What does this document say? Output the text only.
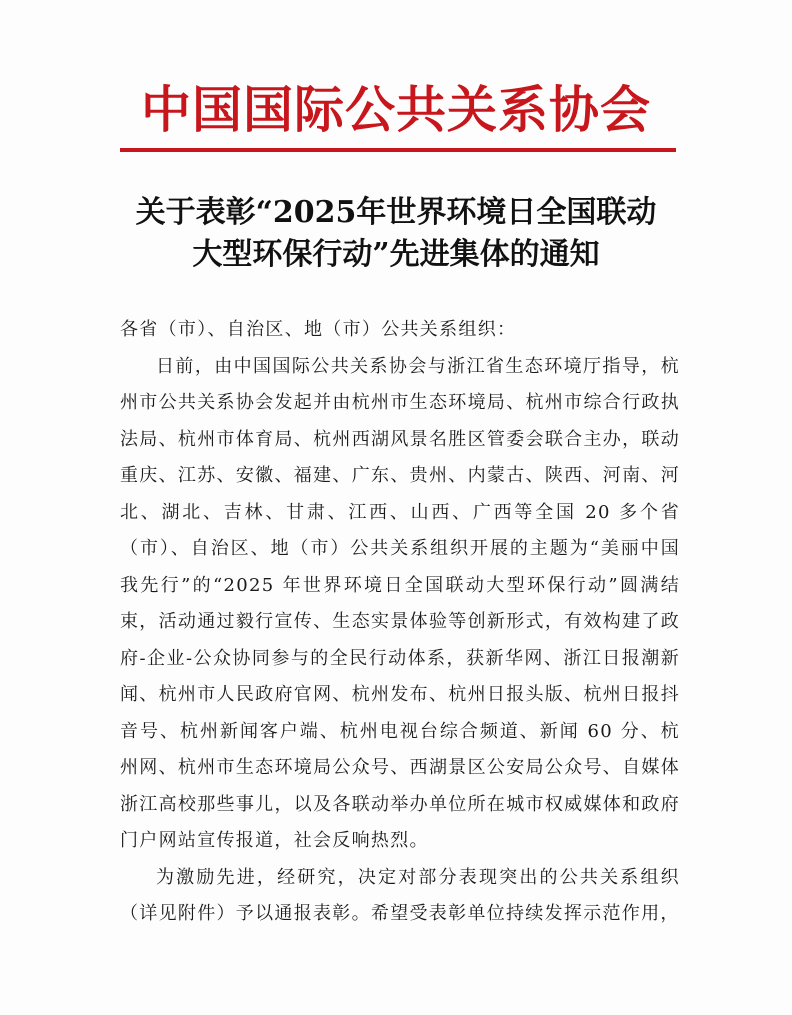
中国国际公共关系协会
关于表彰“2025年世界环境日全国联动
大型环保行动”先进集体的通知

各省（市）、自治区、地（市）公共关系组织：

日前，由中国国际公共关系协会与浙江省生态环境厅指导，杭州市公共关系协会发起并由杭州市生态环境局、杭州市综合行政执法局、杭州市体育局、杭州西湖风景名胜区管委会联合主办，联动重庆、江苏、安徽、福建、广东、贵州、内蒙古、陕西、河南、河北、湖北、吉林、甘肃、江西、山西、广西等全国 20 多个省（市）、自治区、地（市）公共关系组织开展的主题为“美丽中国我先行”的“2025 年世界环境日全国联动大型环保行动”圆满结束，活动通过毅行宣传、生态实景体验等创新形式，有效构建了政府-企业-公众协同参与的全民行动体系，获新华网、浙江日报潮新闻、杭州市人民政府官网、杭州发布、杭州日报头版、杭州日报抖音号、杭州新闻客户端、杭州电视台综合频道、新闻 60 分、杭州网、杭州市生态环境局公众号、西湖景区公安局公众号、自媒体浙江高校那些事儿，以及各联动举办单位所在城市权威媒体和政府门户网站宣传报道，社会反响热烈。

为激励先进，经研究，决定对部分表现突出的公共关系组织（详见附件）予以通报表彰。希望受表彰单位持续发挥示范作用，
